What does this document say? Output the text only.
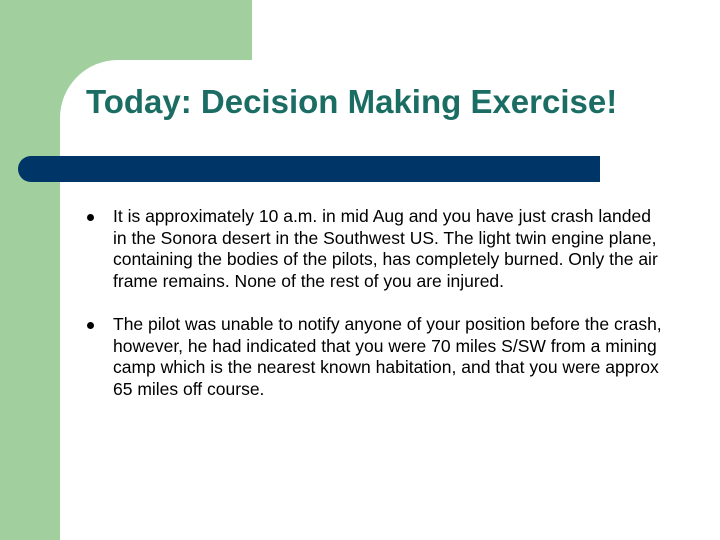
Today: Decision Making Exercise!
It is approximately 10 a.m. in mid Aug and you have just crash landed in the Sonora desert in the Southwest US. The light twin engine plane, containing the bodies of the pilots, has completely burned. Only the air frame remains. None of the rest of you are injured.
The pilot was unable to notify anyone of your position before the crash, however, he had indicated that you were 70 miles S/SW from a mining camp which is the nearest known habitation, and that you were approx 65 miles off course.
